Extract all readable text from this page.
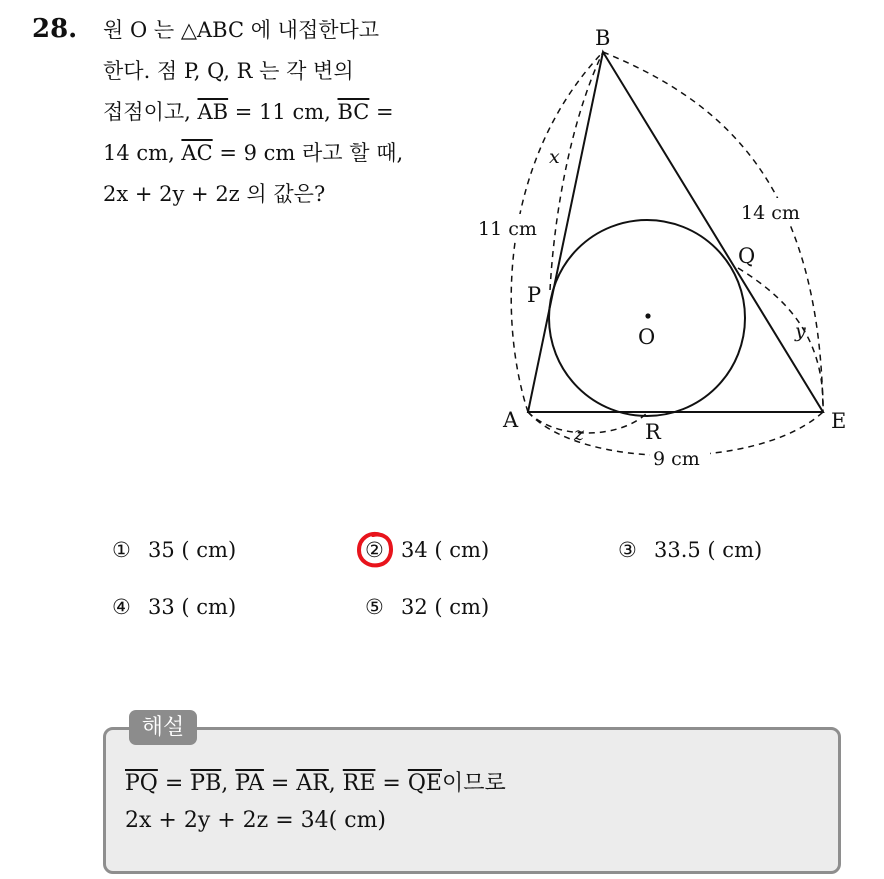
28. 원 O 는 △ABC 에 내접한다고
한다. 점 P, Q, R 는 각 변의
접점이고, $\overline{AB} = 11$ cm, $\overline{BC}$ =
14 cm, $\overline{AC} = 9$ cm 라고 할 때,
2x + 2y + 2z 의 값은?
B
A	E
P
Q
R
O
x
y
z
11 cm
14 cm
9 cm
① 35 ( cm)	② 34 ( cm)	③ 33.5 ( cm)
④ 33 ( cm)	⑤ 32 ( cm)
해설
$\overline{PQ} = \overline{PB}$, $\overline{PA} = \overline{AR}$, $\overline{RE} = \overline{QE}$이므로
2x + 2y + 2z = 34( cm)
